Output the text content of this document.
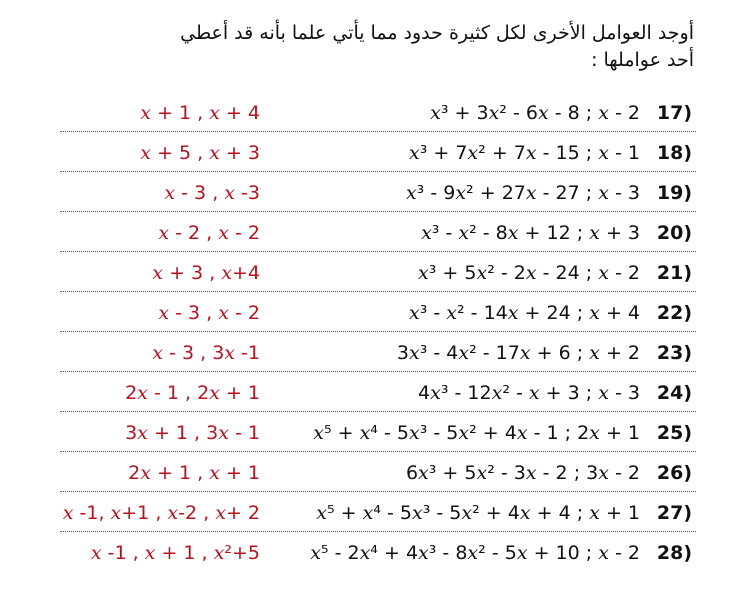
أوجد العوامل الأخرى لكل كثيرة حدود مما يأتي علما بأنه قد أعطي
أحد عواملها :
17)
x³ + 3x² - 6x - 8 ; x - 2
x + 1 , x + 4
18)
x³ + 7x² + 7x - 15 ; x - 1
x + 5 , x + 3
19)
x³ - 9x² + 27x - 27 ; x - 3
x - 3 , x -3
20)
x³ - x² - 8x + 12 ; x + 3
x - 2 , x - 2
21)
x³ + 5x² - 2x - 24 ; x - 2
x + 3 , x+4
22)
x³ - x² - 14x + 24 ; x + 4
x - 3 , x - 2
23)
3x³ - 4x² - 17x + 6 ; x + 2
x - 3 , 3x -1
24)
4x³ - 12x² - x + 3 ; x - 3
2x - 1 , 2x + 1
25)
x⁵ + x⁴ - 5x³ - 5x² + 4x - 1 ; 2x + 1
3x + 1 , 3x - 1
26)
6x³ + 5x² - 3x - 2 ; 3x - 2
2x + 1 , x + 1
27)
x⁵ + x⁴ - 5x³ - 5x² + 4x + 4 ; x + 1
x -1, x+1 , x-2 , x+ 2
28)
x⁵ - 2x⁴ + 4x³ - 8x² - 5x + 10 ; x - 2
x -1 , x + 1 , x²+5
